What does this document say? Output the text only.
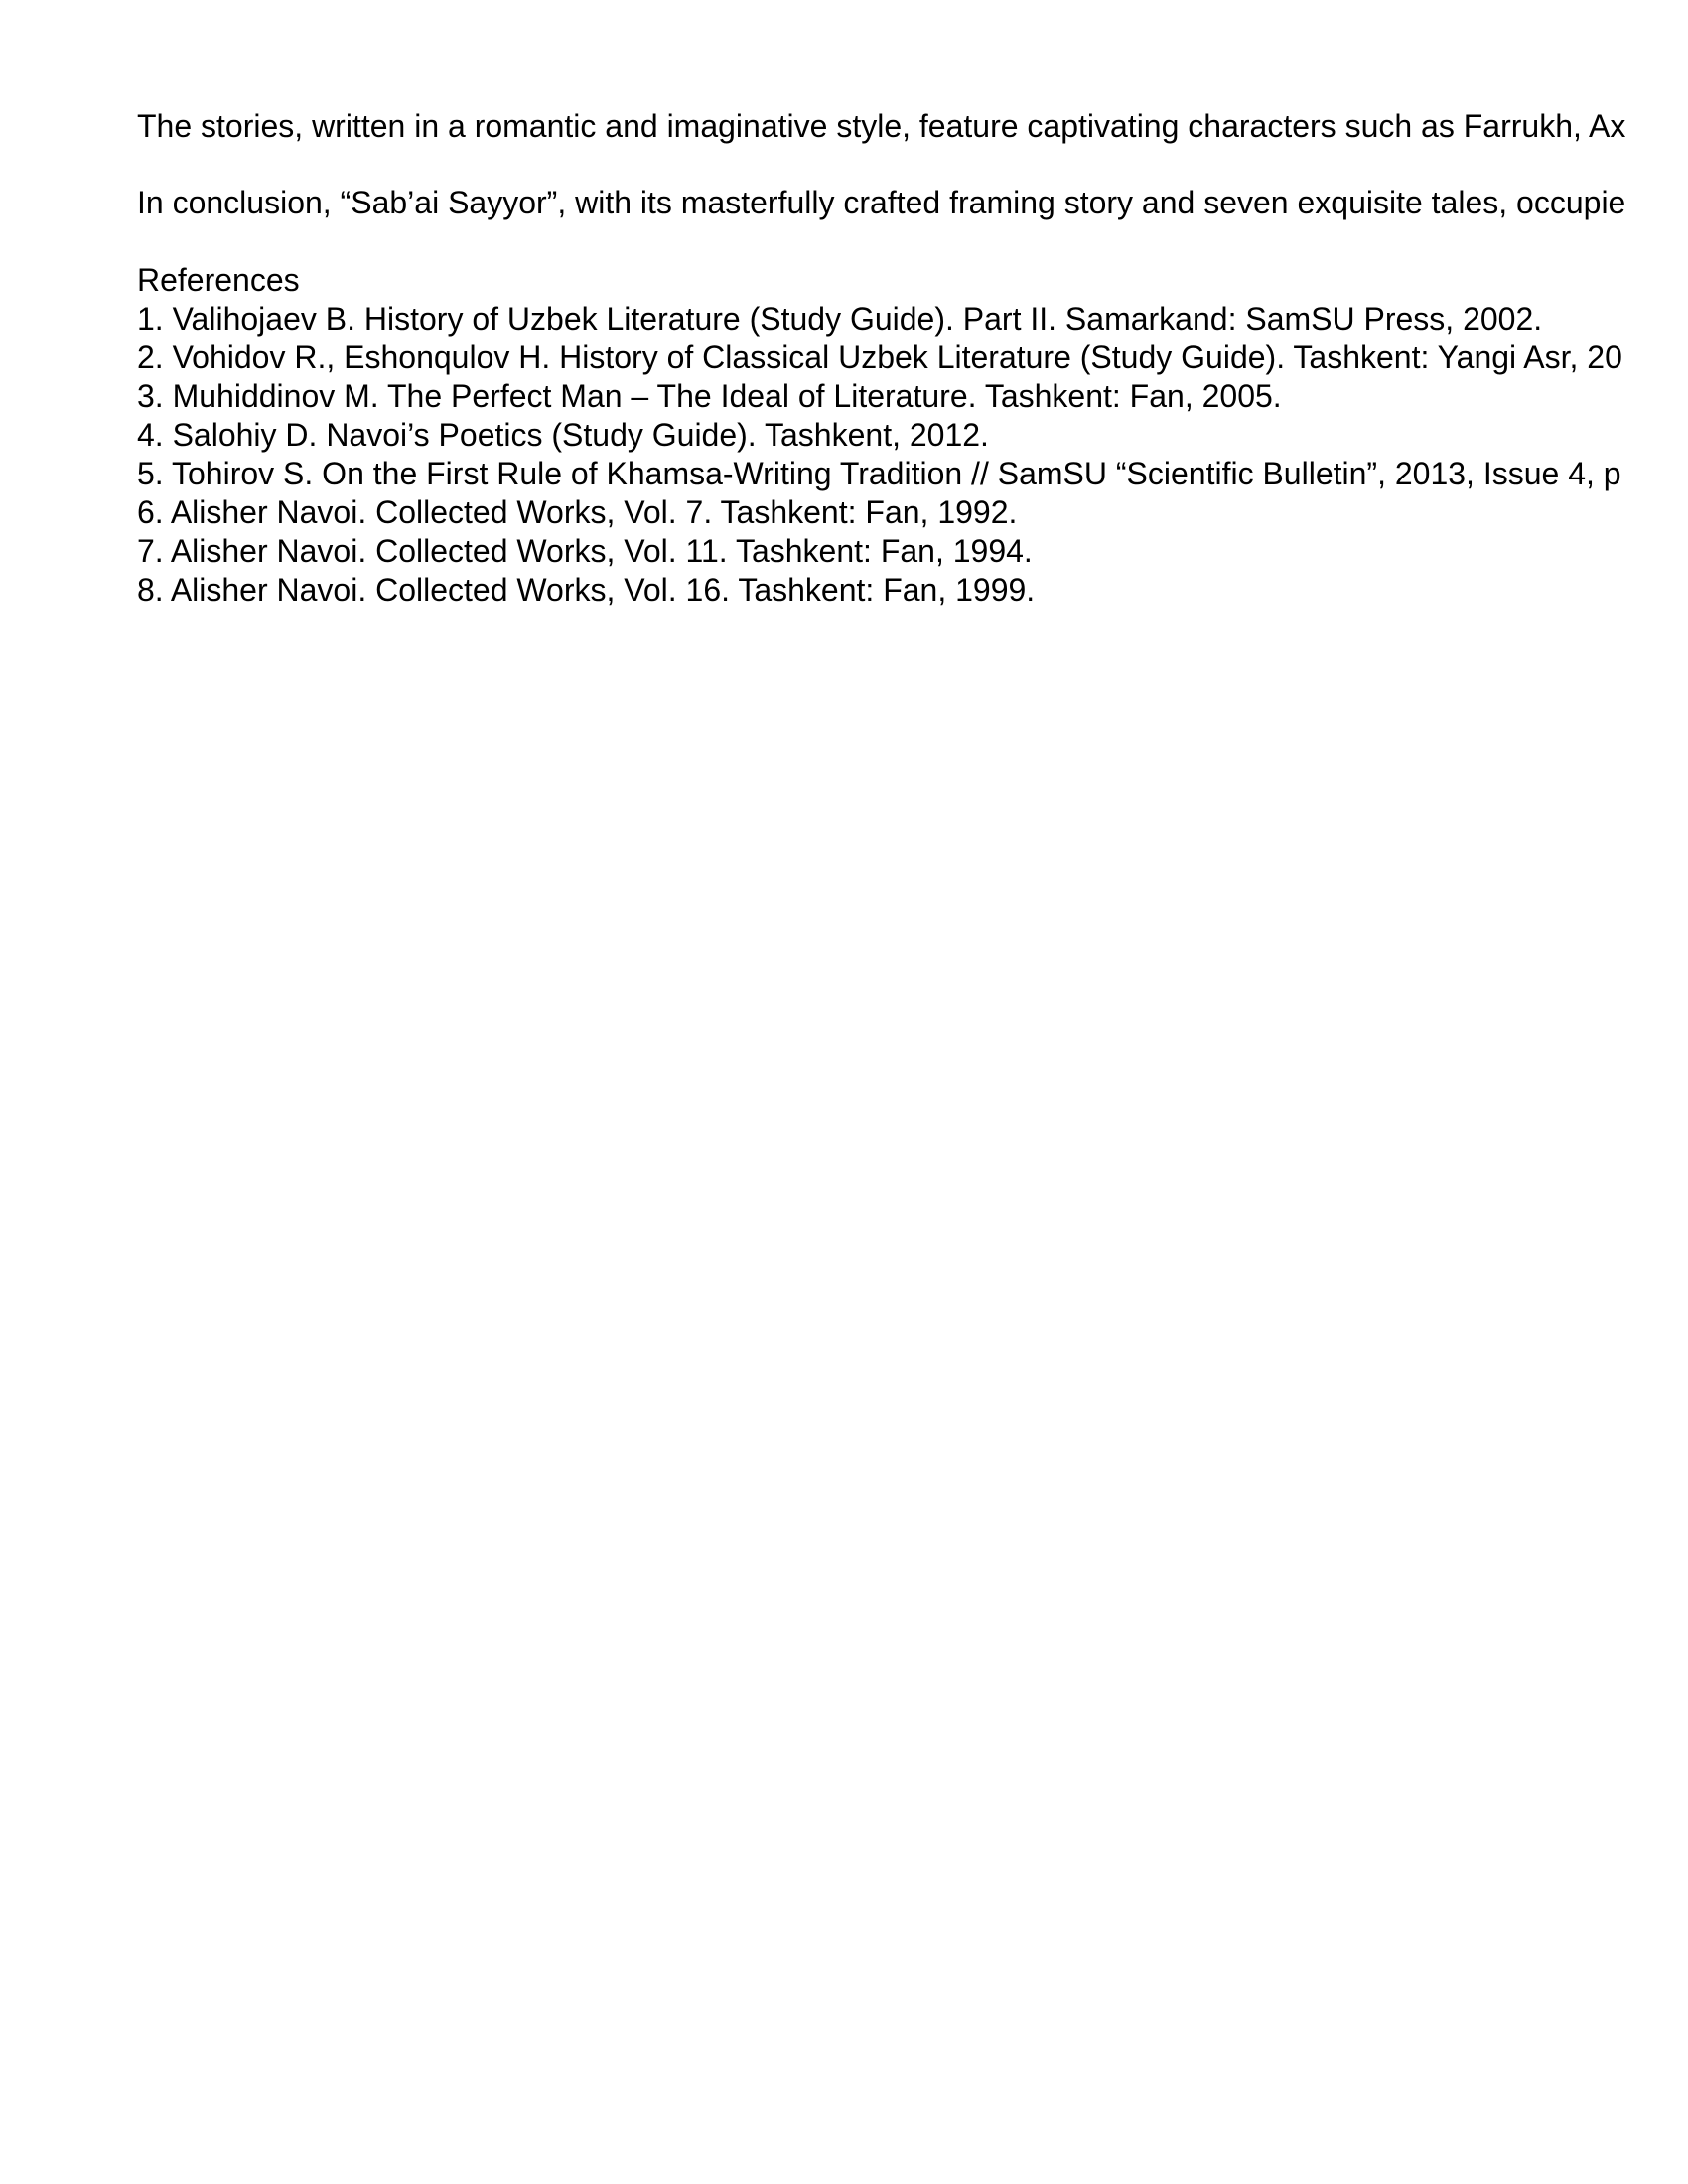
The stories, written in a romantic and imaginative style, feature captivating characters such as Farrukh, Ax

In conclusion, “Sab’ai Sayyor”, with its masterfully crafted framing story and seven exquisite tales, occupie

References

1. Valihojaev B. History of Uzbek Literature (Study Guide). Part II. Samarkand: SamSU Press, 2002.
2. Vohidov R., Eshonqulov H. History of Classical Uzbek Literature (Study Guide). Tashkent: Yangi Asr, 20
3. Muhiddinov M. The Perfect Man – The Ideal of Literature. Tashkent: Fan, 2005.
4. Salohiy D. Navoi’s Poetics (Study Guide). Tashkent, 2012.
5. Tohirov S. On the First Rule of Khamsa-Writing Tradition // SamSU “Scientific Bulletin”, 2013, Issue 4, p
6. Alisher Navoi. Collected Works, Vol. 7. Tashkent: Fan, 1992.
7. Alisher Navoi. Collected Works, Vol. 11. Tashkent: Fan, 1994.
8. Alisher Navoi. Collected Works, Vol. 16. Tashkent: Fan, 1999.
